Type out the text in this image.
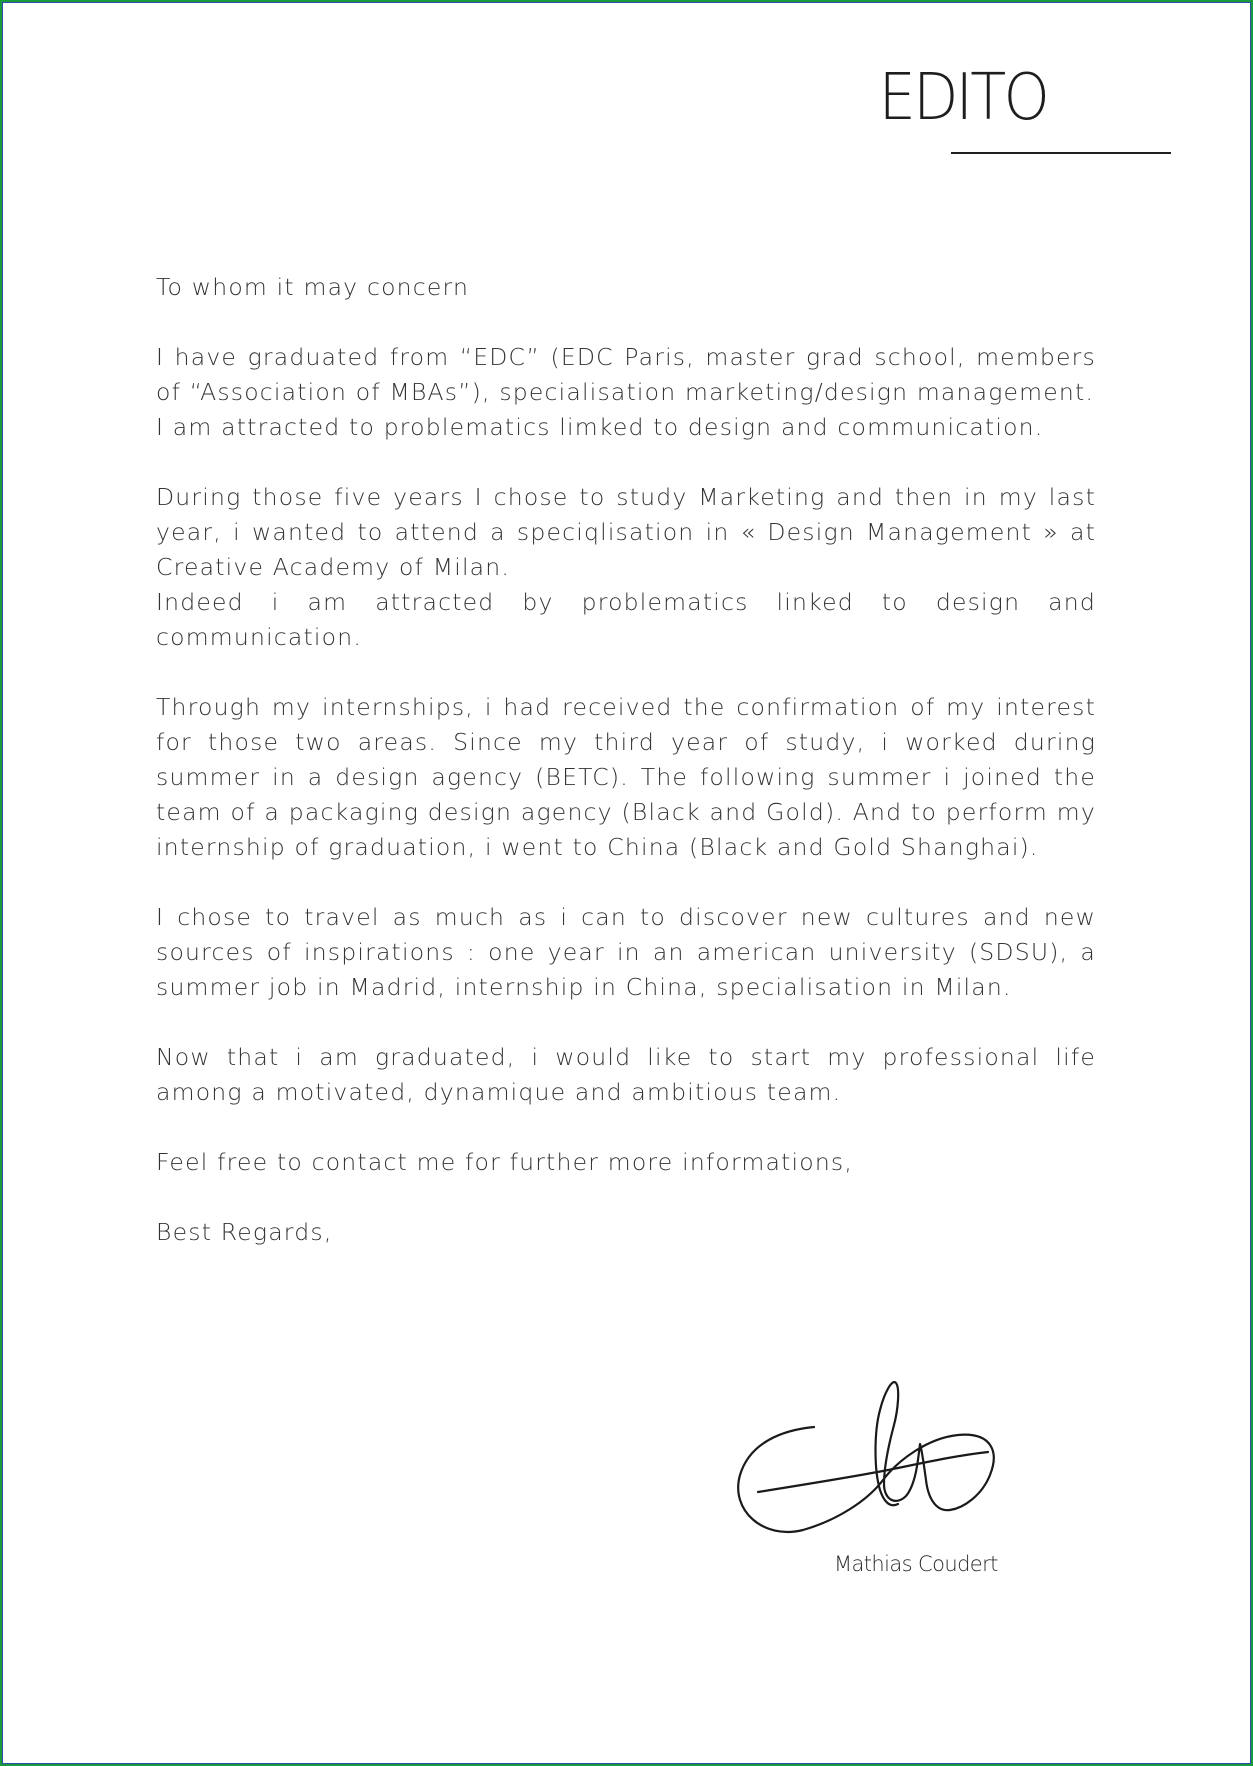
EDITO

To whom it may concern

I have graduated from “EDC” (EDC Paris, master grad school, members of “Association of MBAs”), specialisation marketing/design management.
I am attracted to problematics limked to design and communication.

During those five years I chose to study Marketing and then in my last year, i wanted to attend a speciqlisation in « Design Management » at Creative Academy of Milan.
Indeed i am attracted by problematics linked to design and communication.

Through my internships, i had received the confirmation of my interest for those two areas. Since my third year of study, i worked during summer in a design agency (BETC). The following summer i joined the team of a packaging design agency (Black and Gold). And to perform my internship of graduation, i went to China (Black and Gold Shanghai).

I chose to travel as much as i can to discover new cultures and new sources of inspirations : one year in an american university (SDSU), a summer job in Madrid, internship in China, specialisation in Milan.

Now that i am graduated, i would like to start my professional life among a motivated, dynamique and ambitious team.

Feel free to contact me for further more informations,

Best Regards,

Mathias Coudert
